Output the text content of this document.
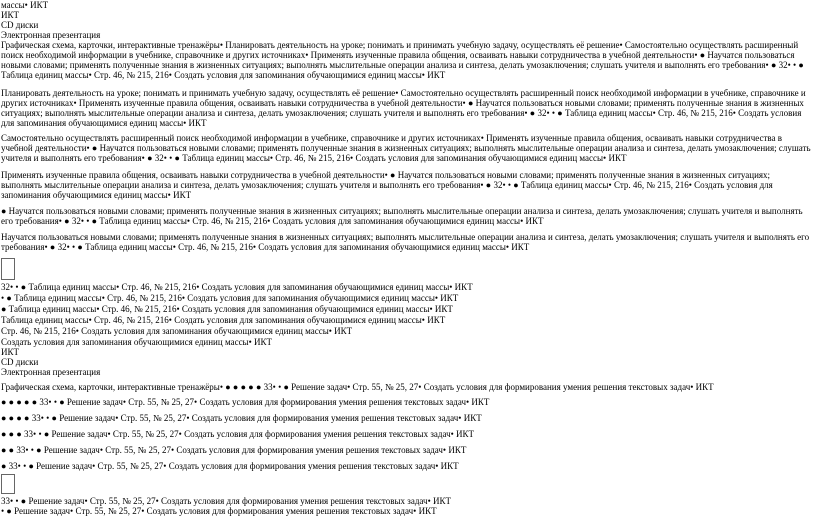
массы• ИКТ
ИКТ
CD диски
Электронная презентация
Графическая схема, карточки, интерактивные тренажёры• Планировать деятельность на уроке; понимать и принимать учебную задачу, осуществлять её решение• Самостоятельно осуществлять расширенный поиск необходимой информации в учебнике, справочнике и других источниках• Применять изученные правила общения, осваивать навыки сотрудничества в учебной деятельности• ● Научатся пользоваться новыми словами; применять полученные знания в жизненных ситуациях; выполнять мыслительные операции анализа и синтеза, делать умозаключения; слушать учителя и выполнять его требования• ● 32• • ● Таблица единиц массы• Стр. 46, № 215, 216• Создать условия для запоминания обучающимися единиц массы• ИКТ
Планировать деятельность на уроке; понимать и принимать учебную задачу, осуществлять её решение• Самостоятельно осуществлять расширенный поиск необходимой информации в учебнике, справочнике и других источниках• Применять изученные правила общения, осваивать навыки сотрудничества в учебной деятельности• ● Научатся пользоваться новыми словами; применять полученные знания в жизненных ситуациях; выполнять мыслительные операции анализа и синтеза, делать умозаключения; слушать учителя и выполнять его требования• ● 32• • ● Таблица единиц массы• Стр. 46, № 215, 216• Создать условия для запоминания обучающимися единиц массы• ИКТ
Самостоятельно осуществлять расширенный поиск необходимой информации в учебнике, справочнике и других источниках• Применять изученные правила общения, осваивать навыки сотрудничества в учебной деятельности• ● Научатся пользоваться новыми словами; применять полученные знания в жизненных ситуациях; выполнять мыслительные операции анализа и синтеза, делать умозаключения; слушать учителя и выполнять его требования• ● 32• • ● Таблица единиц массы• Стр. 46, № 215, 216• Создать условия для запоминания обучающимися единиц массы• ИКТ
Применять изученные правила общения, осваивать навыки сотрудничества в учебной деятельности• ● Научатся пользоваться новыми словами; применять полученные знания в жизненных ситуациях; выполнять мыслительные операции анализа и синтеза, делать умозаключения; слушать учителя и выполнять его требования• ● 32• • ● Таблица единиц массы• Стр. 46, № 215, 216• Создать условия для запоминания обучающимися единиц массы• ИКТ
● Научатся пользоваться новыми словами; применять полученные знания в жизненных ситуациях; выполнять мыслительные операции анализа и синтеза, делать умозаключения; слушать учителя и выполнять его требования• ● 32• • ● Таблица единиц массы• Стр. 46, № 215, 216• Создать условия для запоминания обучающимися единиц массы• ИКТ
Научатся пользоваться новыми словами; применять полученные знания в жизненных ситуациях; выполнять мыслительные операции анализа и синтеза, делать умозаключения; слушать учителя и выполнять его требования• ● 32• • ● Таблица единиц массы• Стр. 46, № 215, 216• Создать условия для запоминания обучающимися единиц массы• ИКТ
32• • ● Таблица единиц массы• Стр. 46, № 215, 216• Создать условия для запоминания обучающимися единиц массы• ИКТ
• ● Таблица единиц массы• Стр. 46, № 215, 216• Создать условия для запоминания обучающимися единиц массы• ИКТ
● Таблица единиц массы• Стр. 46, № 215, 216• Создать условия для запоминания обучающимися единиц массы• ИКТ
Таблица единиц массы• Стр. 46, № 215, 216• Создать условия для запоминания обучающимися единиц массы• ИКТ
Стр. 46, № 215, 216• Создать условия для запоминания обучающимися единиц массы• ИКТ
Создать условия для запоминания обучающимися единиц массы• ИКТ
ИКТ
CD диски
Электронная презентация
Графическая схема, карточки, интерактивные тренажёры• ● ● ● ● ● 33• • ● Решение задач• Стр. 55, № 25, 27• Создать условия для формирования умения решения текстовых задач• ИКТ
● ● ● ● ● 33• • ● Решение задач• Стр. 55, № 25, 27• Создать условия для формирования умения решения текстовых задач• ИКТ
● ● ● ● 33• • ● Решение задач• Стр. 55, № 25, 27• Создать условия для формирования умения решения текстовых задач• ИКТ
● ● ● 33• • ● Решение задач• Стр. 55, № 25, 27• Создать условия для формирования умения решения текстовых задач• ИКТ
● ● 33• • ● Решение задач• Стр. 55, № 25, 27• Создать условия для формирования умения решения текстовых задач• ИКТ
● 33• • ● Решение задач• Стр. 55, № 25, 27• Создать условия для формирования умения решения текстовых задач• ИКТ
33• • ● Решение задач• Стр. 55, № 25, 27• Создать условия для формирования умения решения текстовых задач• ИКТ
• ● Решение задач• Стр. 55, № 25, 27• Создать условия для формирования умения решения текстовых задач• ИКТ
